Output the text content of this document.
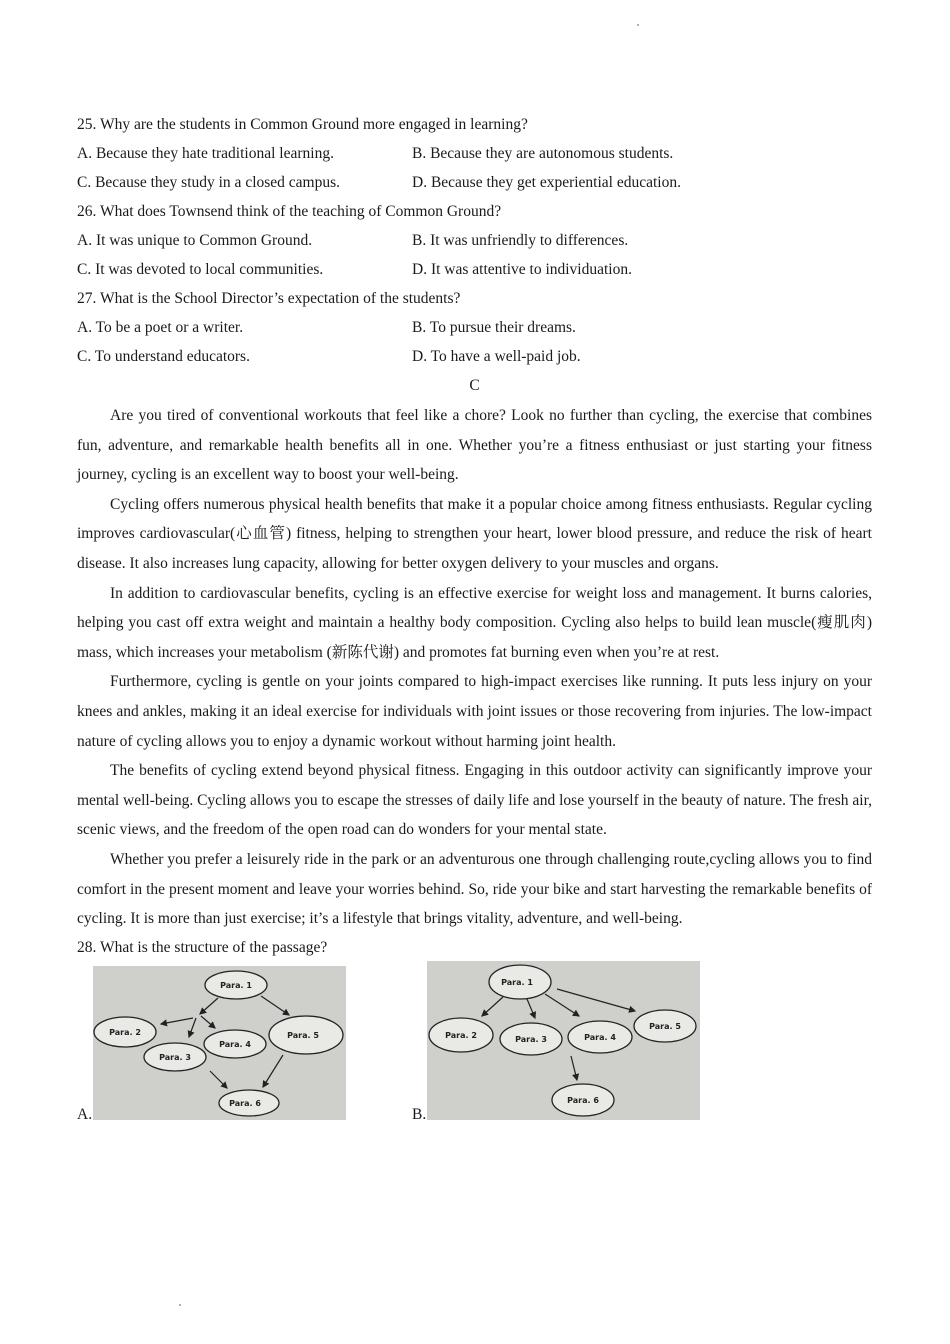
25. Why are the students in Common Ground more engaged in learning?
A. Because they hate traditional learning.	B. Because they are autonomous students.
C. Because they study in a closed campus.	D. Because they get experiential education.
26. What does Townsend think of the teaching of Common Ground?
A. It was unique to Common Ground.	B. It was unfriendly to differences.
C. It was devoted to local communities.	D. It was attentive to individuation.
27. What is the School Director’s expectation of the students?
A. To be a poet or a writer.	B. To pursue their dreams.
C. To understand educators.	D. To have a well-paid job.
C

Are you tired of conventional workouts that feel like a chore? Look no further than cycling, the exercise that combines fun, adventure, and remarkable health benefits all in one. Whether you’re a fitness enthusiast or just starting your fitness journey, cycling is an excellent way to boost your well-being.

Cycling offers numerous physical health benefits that make it a popular choice among fitness enthusiasts. Regular cycling improves cardiovascular(心血管) fitness, helping to strengthen your heart, lower blood pressure, and reduce the risk of heart disease. It also increases lung capacity, allowing for better oxygen delivery to your muscles and organs.

In addition to cardiovascular benefits, cycling is an effective exercise for weight loss and management. It burns calories, helping you cast off extra weight and maintain a healthy body composition. Cycling also helps to build lean muscle(瘦肌肉) mass, which increases your metabolism (新陈代谢) and promotes fat burning even when you’re at rest.

Furthermore, cycling is gentle on your joints compared to high-impact exercises like running. It puts less injury on your knees and ankles, making it an ideal exercise for individuals with joint issues or those recovering from injuries. The low-impact nature of cycling allows you to enjoy a dynamic workout without harming joint health.

The benefits of cycling extend beyond physical fitness. Engaging in this outdoor activity can significantly improve your mental well-being. Cycling allows you to escape the stresses of daily life and lose yourself in the beauty of nature. The fresh air, scenic views, and the freedom of the open road can do wonders for your mental state.

Whether you prefer a leisurely ride in the park or an adventurous one through challenging route,cycling allows you to find comfort in the present moment and leave your worries behind. So, ride your bike and start harvesting the remarkable benefits of cycling. It is more than just exercise; it’s a lifestyle that brings vitality, adventure, and well-being.

28. What is the structure of the passage?
A.
Para. 1
Para. 2
Para. 3
Para. 4
Para. 5
Para. 6
B.
Para. 1
Para. 2	Para. 3	Para. 4
Para. 5
Para. 6
